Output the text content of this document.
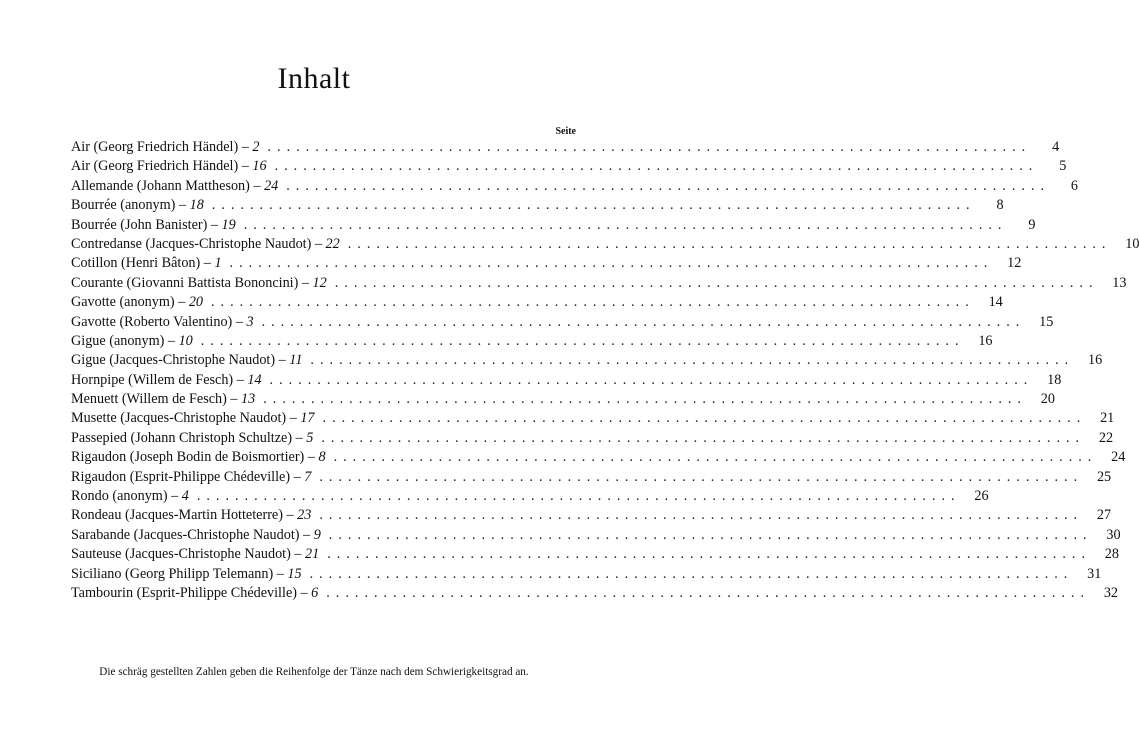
Inhalt
Seite
Air (Georg Friedrich Händel) – 2 ................................................................................	4
Air (Georg Friedrich Händel) – 16 ................................................................................	5
Allemande (Johann Mattheson) – 24 ................................................................................	6
Bourrée (anonym) – 18 ................................................................................	8
Bourrée (John Banister) – 19 ................................................................................	9
Contredanse (Jacques-Christophe Naudot) – 22 ................................................................................ 10
Cotillon (Henri Bâton) – 1 ................................................................................ 12
Courante (Giovanni Battista Bononcini) – 12 ................................................................................ 13
Gavotte (anonym) – 20 ................................................................................ 14
Gavotte (Roberto Valentino) – 3 ................................................................................ 15
Gigue (anonym) – 10 ................................................................................ 16
Gigue (Jacques-Christophe Naudot) – 11 ................................................................................ 16
Hornpipe (Willem de Fesch) – 14 ................................................................................ 18
Menuett (Willem de Fesch) – 13 ................................................................................ 20
Musette (Jacques-Christophe Naudot) – 17 ................................................................................ 21
Passepied (Johann Christoph Schultze) – 5 ................................................................................ 22
Rigaudon (Joseph Bodin de Boismortier) – 8 ................................................................................ 24
Rigaudon (Esprit-Philippe Chédeville) – 7 ................................................................................ 25
Rondo (anonym) – 4 ................................................................................ 26
Rondeau (Jacques-Martin Hotteterre) – 23 ................................................................................ 27
Sarabande (Jacques-Christophe Naudot) – 9 ................................................................................ 30
Sauteuse (Jacques-Christophe Naudot) – 21 ................................................................................ 28
Siciliano (Georg Philipp Telemann) – 15 ................................................................................ 31
Tambourin (Esprit-Philippe Chédeville) – 6 ................................................................................ 32
Die schräg gestellten Zahlen geben die Reihenfolge der Tänze nach dem Schwierigkeitsgrad an.
